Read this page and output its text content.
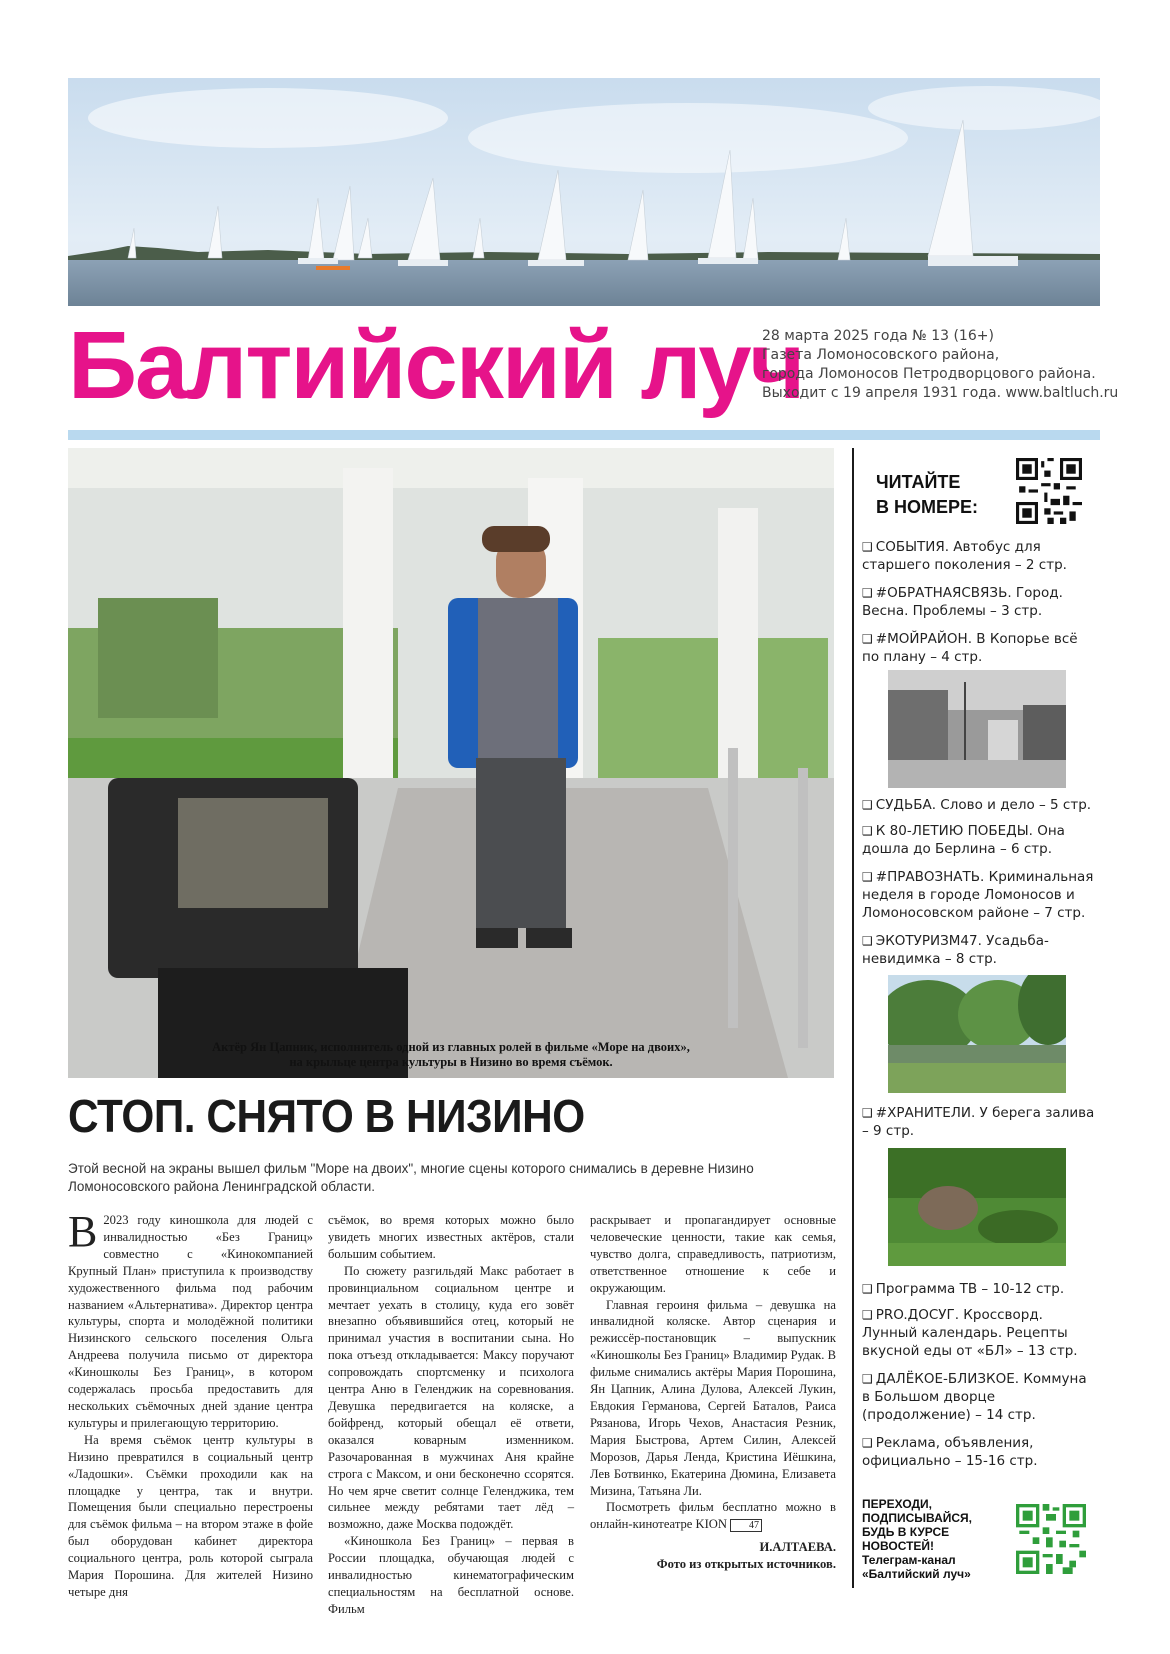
Балтийский луч
28 марта 2025 года № 13 (16+)
Газета Ломоносовского района,
города Ломоносов Петродворцового района.
Выходит с 19 апреля 1931 года. www.baltluch.ru
Актёр Ян Цапник, исполнитель одной из главных ролей в фильме «Море на двоих»,
на крыльце центра культуры в Низино во время съёмок.
СТОП. СНЯТО В НИЗИНО
Этой весной на экраны вышел фильм "Море на двоих", многие сцены которого снимались в деревне Низино Ломоносовского района Ленинградской области.

В 2023 году киношкола для людей с инвалидностью «Без Границ» совместно с «Кинокомпанией Крупный План» приступила к производству художественного фильма под рабочим названием «Альтернатива». Директор центра культуры, спорта и молодёжной политики Низинского сельского поселения Ольга Андреева получила письмо от директора «Киношколы Без Границ», в котором содержалась просьба предоставить для нескольких съёмочных дней здание центра культуры и прилегающую территорию.

На время съёмок центр культуры в Низино превратился в социальный центр «Ладошки». Съёмки проходили как на площадке у центра, так и внутри. Помещения были специально перестроены для съёмок фильма – на втором этаже в фойе был оборудован кабинет директора социального центра, роль которой сыграла Мария Порошина. Для жителей Низино четыре дня

съёмок, во время которых можно было увидеть многих известных актёров, стали большим событием.

По сюжету разгильдяй Макс работает в провинциальном социальном центре и мечтает уехать в столицу, куда его зовёт внезапно объявившийся отец, который не принимал участия в воспитании сына. Но пока отъезд откладывается: Максу поручают сопровождать спортсменку и психолога центра Аню в Геленджик на соревнования. Девушка передвигается на коляске, а бойфренд, который обещал её ответи, оказался коварным изменником. Разочарованная в мужчинах Аня крайне строга с Максом, и они бесконечно ссорятся. Но чем ярче светит солнце Геленджика, тем сильнее между ребятами тает лёд – возможно, даже Москва подождёт.

«Киношкола Без Границ» – первая в России площадка, обучающая людей с инвалидностью кинематографическим специальностям на бесплатной основе. Фильм

раскрывает и пропагандирует основные человеческие ценности, такие как семья, чувство долга, справедливость, патриотизм, ответственное отношение к себе и окружающим.

Главная героиня фильма – девушка на инвалидной коляске. Автор сценария и режиссёр-постановщик – выпускник «Киношколы Без Границ» Владимир Рудак. В фильме снимались актёры Мария Порошина, Ян Цапник, Алина Дулова, Алексей Лукин, Евдокия Германова, Сергей Баталов, Раиса Рязанова, Игорь Чехов, Анастасия Резник, Мария Быстрова, Артем Силин, Алексей Морозов, Дарья Ленда, Кристина Иёшкина, Лев Ботвинко, Екатерина Дюмина, Елизавета Мизина, Татьяна Ли.

Посмотреть фильм бесплатно можно в онлайн-кинотеатре KION 47

И.АЛТАЕВА.
Фото из открытых источников.
ЧИТАЙТЕ
В НОМЕРЕ:
❑ СОБЫТИЯ. Автобус для старшего поколения – 2 стр.
❑ #ОБРАТНАЯСВЯЗЬ. Город. Весна. Проблемы – 3 стр.
❑ #МОЙРАЙОН. В Копорье всё по плану – 4 стр.
❑ СУДЬБА. Слово и дело – 5 стр.
❑ К 80-ЛЕТИЮ ПОБЕДЫ. Она дошла до Берлина – 6 стр.
❑ #ПРАВОЗНАТЬ. Криминальная неделя в городе Ломоносов и Ломоносовском районе – 7 стр.
❑ ЭКОТУРИЗМ47. Усадьба-невидимка – 8 стр.
❑ #ХРАНИТЕЛИ. У берега залива – 9 стр.
❑ Программа ТВ – 10-12 стр.
❑ PRO.ДОСУГ. Кроссворд. Лунный календарь. Рецепты вкусной еды от «БЛ» – 13 стр.
❑ ДАЛЁКОЕ-БЛИЗКОЕ. Коммуна в Большом дворце (продолжение) – 14 стр.
❑ Реклама, объявления, официально – 15-16 стр.
ПЕРЕХОДИ,
ПОДПИСЫВАЙСЯ,
БУДЬ В КУРСЕ
НОВОСТЕЙ!
Телеграм-канал
«Балтийский луч»
